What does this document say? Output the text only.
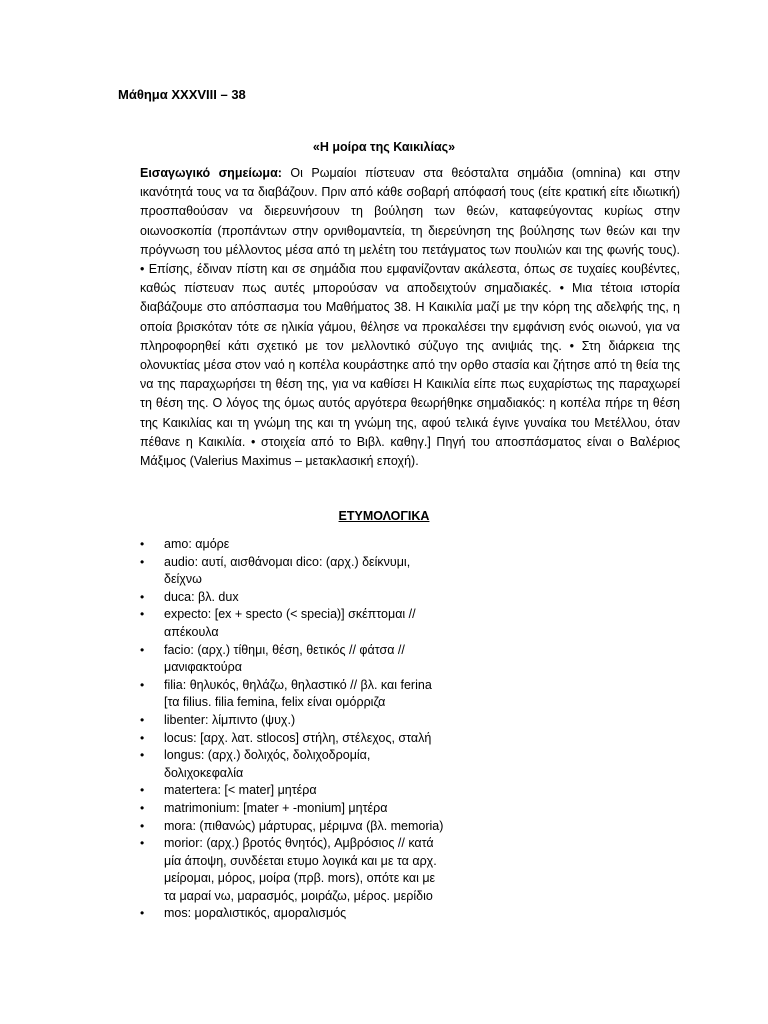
Μάθημα XXXVIII – 38

«Η μοίρα της Καικιλίας»

Εισαγωγικό σημείωμα: Οι Ρωμαίοι πίστευαν στα θεόσταλτα σημάδια (omnina) και στην ικανότητά τους να τα διαβάζουν. Πριν από κάθε σοβαρή απόφασή τους (είτε κρατική είτε ιδιωτική) προσπαθούσαν να διερευνήσουν τη βούληση των θεών, καταφεύγοντας κυρίως στην οιωνοσκοπία (προπάντων στην ορνιθομαντεία, τη διερεύνηση της βούλησης των θεών και την πρόγνωση του μέλλοντος μέσα από τη μελέτη του πετάγματος των πουλιών και της φωνής τους). • Επίσης, έδιναν πίστη και σε σημάδια που εμφανίζονταν ακάλεστα, όπως σε τυχαίες κουβέντες, καθώς πίστευαν πως αυτές μπορούσαν να αποδειχτούν σημαδιακές. • Μια τέτοια ιστορία διαβάζουμε στο απόσπασμα του Μαθήματος 38. Η Καικιλία μαζί με την κόρη της αδελφής της, η οποία βρισκόταν τότε σε ηλικία γάμου, θέλησε να προκαλέσει την εμφάνιση ενός οιωνού, για να πληροφορηθεί κάτι σχετικό με τον μελλοντικό σύζυγο της ανιψιάς της. • Στη διάρκεια της ολονυκτίας μέσα στον ναό η κοπέλα κουράστηκε από την ορθο στασία και ζήτησε από τη θεία της να της παραχωρήσει τη θέση της, για να καθίσει Η Καικιλία είπε πως ευχαρίστως της παραχωρεί τη θέση της. Ο λόγος της όμως αυτός αργότερα θεωρήθηκε σημαδιακός: η κοπέλα πήρε τη θέση της Καικιλίας και τη γνώμη της και τη γνώμη της, αφού τελικά έγινε γυναίκα του Μετέλλου, όταν πέθανε η Καικιλία. • στοιχεία από το Βιβλ. καθηγ.] Πηγή του αποσπάσματος είναι ο Βαλέριος Μάξιμος (Valerius Maximus – μετακλασική εποχή).

ΕΤΥΜΟΛΟΓΙΚΑ

• amo: αμόρε
• audio: αυτί, αισθάνομαι dico: (αρχ.) δείκνυμι, δείχνω
• duca: βλ. dux
• expecto: [ex + specto (< specia)] σκέπτομαι // απέκουλα
• facio: (αρχ.) τίθημι, θέση, θετικός // φάτσα // μανιφακτούρα
• filia: θηλυκός, θηλάζω, θηλαστικό // βλ. και ferina [τα filius. filia femina, felix είναι ομόρριζα
• libenter: λίμπιντο (ψυχ.)
• locus: [αρχ. λατ. stlocos] στήλη, στέλεχος, σταλή
• longus: (αρχ.) δολιχός, δολιχοδρομία, δολιχοκεφαλία
• matertera: [< mater] μητέρα
• matrimonium: [mater + -monium] μητέρα
• mora: (πιθανώς) μάρτυρας, μέριμνα (βλ. memoria)
• morior: (αρχ.) βροτός θνητός), Αμβρόσιος // κατά μία άποψη, συνδέεται ετυμο λογικά και με τα αρχ. μείρομαι, μόρος, μοίρα (πρβ. mors), οπότε και με τα μαραί νω, μαρασμός, μοιράζω, μέρος. μερίδιο
• mos: μοραλιστικός, αμοραλισμός
